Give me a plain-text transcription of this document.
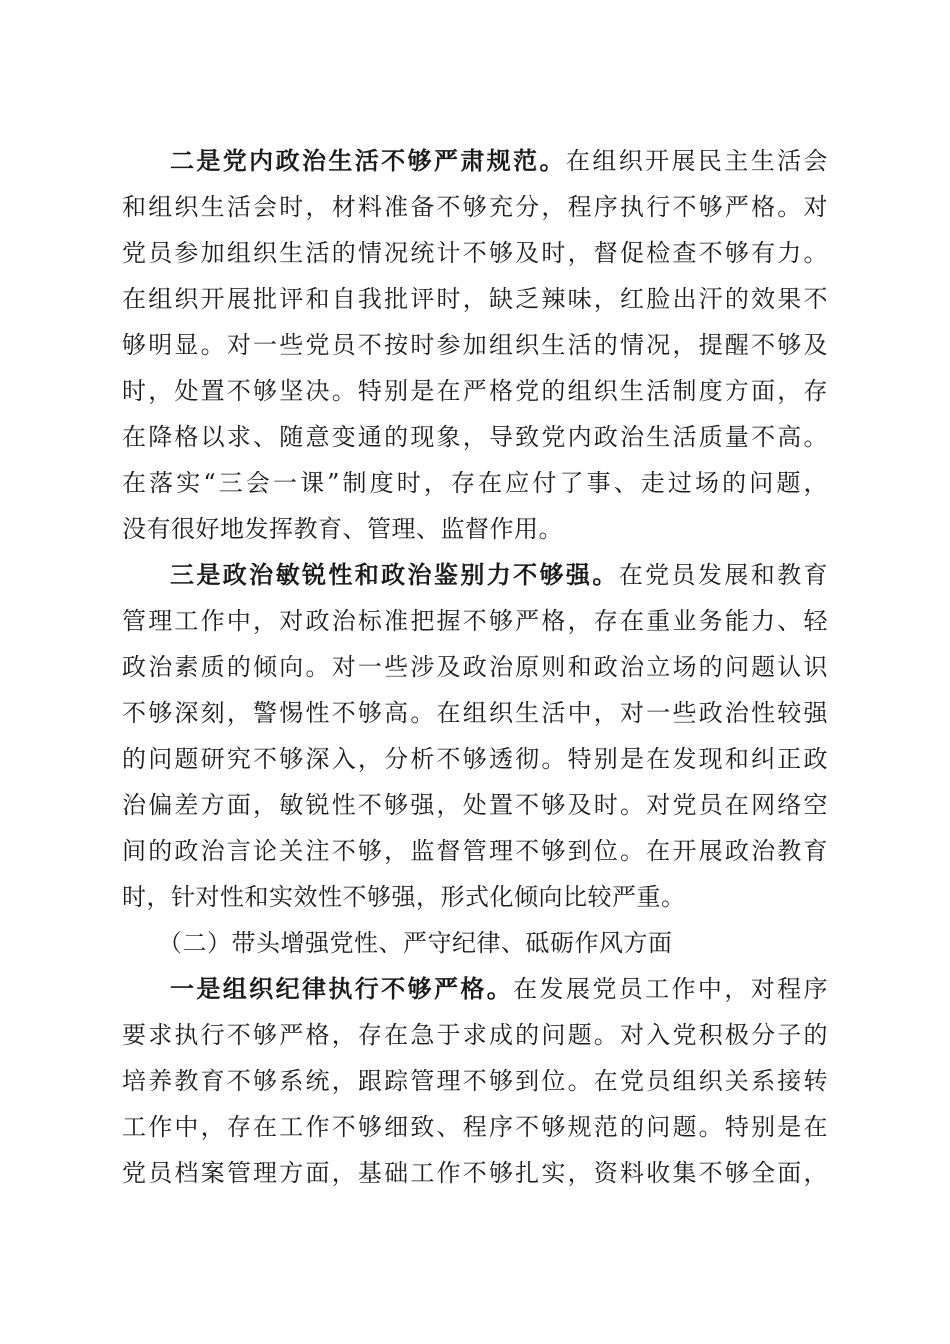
二是党内政治生活不够严肃规范。在组织开展民主生活会
和组织生活会时，材料准备不够充分，程序执行不够严格。对
党员参加组织生活的情况统计不够及时，督促检查不够有力。
在组织开展批评和自我批评时，缺乏辣味，红脸出汗的效果不
够明显。对一些党员不按时参加组织生活的情况，提醒不够及
时，处置不够坚决。特别是在严格党的组织生活制度方面，存
在降格以求、随意变通的现象，导致党内政治生活质量不高。
在落实“三会一课”制度时，存在应付了事、走过场的问题，
没有很好地发挥教育、管理、监督作用。
三是政治敏锐性和政治鉴别力不够强。在党员发展和教育
管理工作中，对政治标准把握不够严格，存在重业务能力、轻
政治素质的倾向。对一些涉及政治原则和政治立场的问题认识
不够深刻，警惕性不够高。在组织生活中，对一些政治性较强
的问题研究不够深入，分析不够透彻。特别是在发现和纠正政
治偏差方面，敏锐性不够强，处置不够及时。对党员在网络空
间的政治言论关注不够，监督管理不够到位。在开展政治教育
时，针对性和实效性不够强，形式化倾向比较严重。
（二）带头增强党性、严守纪律、砥砺作风方面
一是组织纪律执行不够严格。在发展党员工作中，对程序
要求执行不够严格，存在急于求成的问题。对入党积极分子的
培养教育不够系统，跟踪管理不够到位。在党员组织关系接转
工作中，存在工作不够细致、程序不够规范的问题。特别是在
党员档案管理方面，基础工作不够扎实，资料收集不够全面，
